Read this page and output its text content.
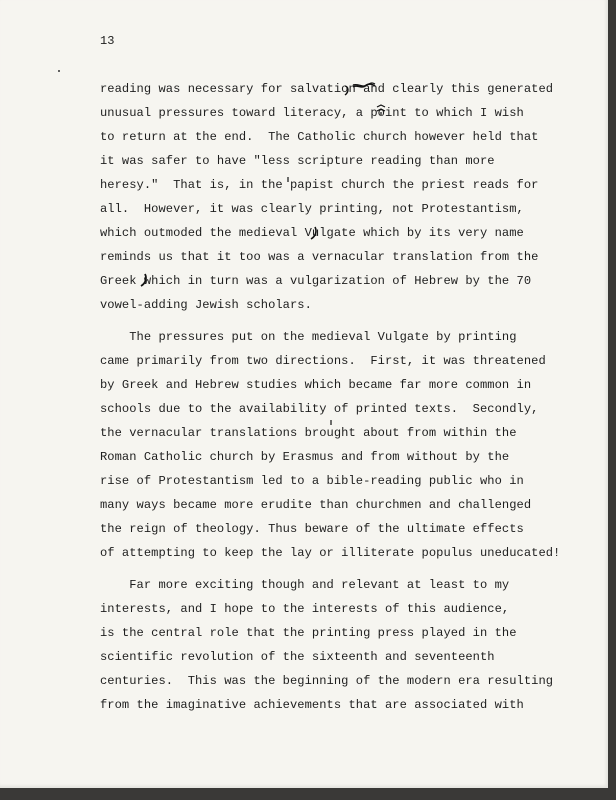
13
reading was necessary for salvation and clearly this generated
unusual pressures toward literacy, a point to which I wish
to return at the end.  The Catholic church however held that
it was safer to have "less scripture reading than more
heresy."  That is, in the papist church the priest reads for
all.  However, it was clearly printing, not Protestantism,
which outmoded the medieval Vulgate which by its very name
reminds us that it too was a vernacular translation from the
Greek which in turn was a vulgarization of Hebrew by the 70
vowel-adding Jewish scholars.
The pressures put on the medieval Vulgate by printing
came primarily from two directions.  First, it was threatened
by Greek and Hebrew studies which became far more common in
schools due to the availability of printed texts.  Secondly,
the vernacular translations brought about from within the
Roman Catholic church by Erasmus and from without by the
rise of Protestantism led to a bible-reading public who in
many ways became more erudite than churchmen and challenged
the reign of theology. Thus beware of the ultimate effects
of attempting to keep the lay or illiterate populus uneducated!
Far more exciting though and relevant at least to my
interests, and I hope to the interests of this audience,
is the central role that the printing press played in the
scientific revolution of the sixteenth and seventeenth
centuries.  This was the beginning of the modern era resulting
from the imaginative achievements that are associated with
